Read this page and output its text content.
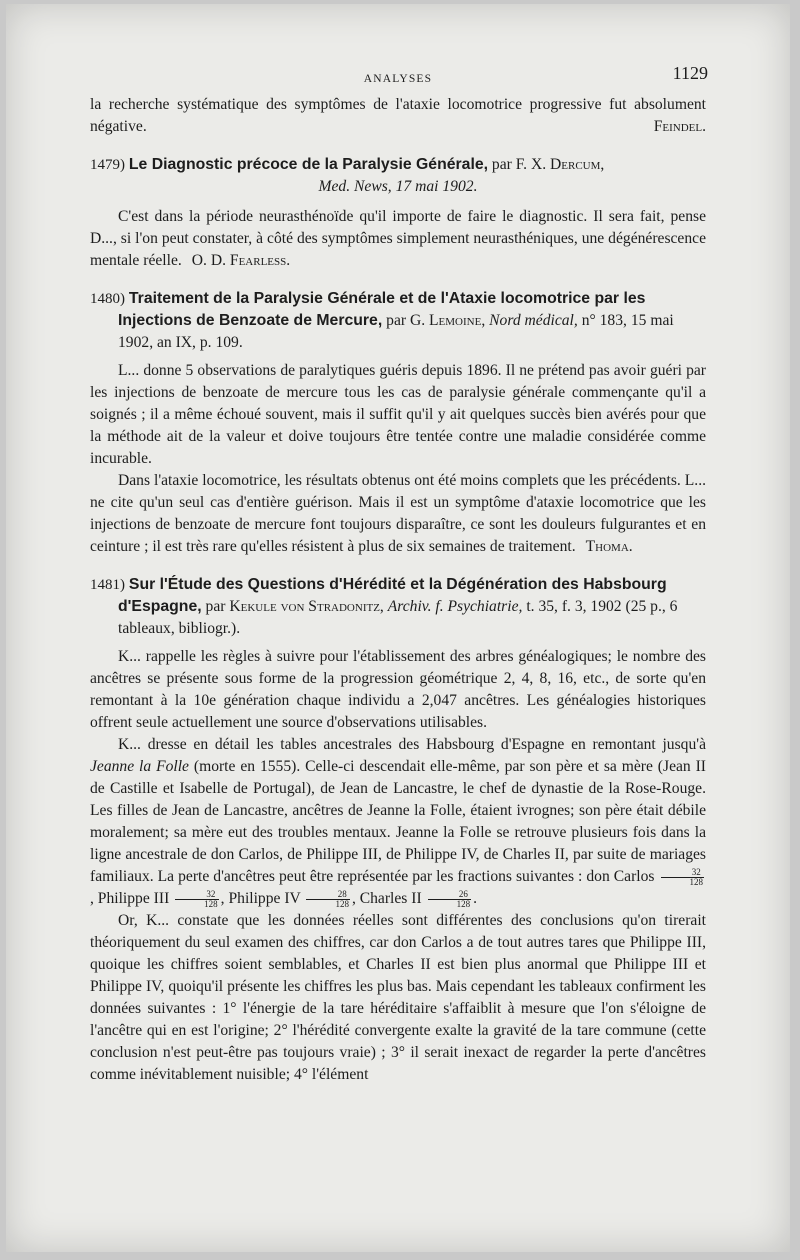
ANALYSES	1129

la recherche systématique des symptômes de l'ataxie locomotrice progressive fut absolument négative.	Feindel.

1479) Le Diagnostic précoce de la Paralysie Générale, par F. X. Dercum,

Med. News, 17 mai 1902.

C'est dans la période neurasthénoïde qu'il importe de faire le diagnostic. Il sera fait, pense D..., si l'on peut constater, à côté des symptômes simplement neurasthéniques, une dégénérescence mentale réelle. O. D. Fearless.

1480) Traitement de la Paralysie Générale et de l'Ataxie locomotrice par les Injections de Benzoate de Mercure, par G. Lemoine, Nord médical, n° 183, 15 mai 1902, an IX, p. 109.

L... donne 5 observations de paralytiques guéris depuis 1896. Il ne prétend pas avoir guéri par les injections de benzoate de mercure tous les cas de paralysie générale commençante qu'il a soignés ; il a même échoué souvent, mais il suffit qu'il y ait quelques succès bien avérés pour que la méthode ait de la valeur et doive toujours être tentée contre une maladie considérée comme incurable.

Dans l'ataxie locomotrice, les résultats obtenus ont été moins complets que les précédents. L... ne cite qu'un seul cas d'entière guérison. Mais il est un symptôme d'ataxie locomotrice que les injections de benzoate de mercure font toujours disparaître, ce sont les douleurs fulgurantes et en ceinture ; il est très rare qu'elles résistent à plus de six semaines de traitement. Thoma.

1481) Sur l'Étude des Questions d'Hérédité et la Dégénération des Habsbourg d'Espagne, par Kekule von Stradonitz, Archiv. f. Psychiatrie, t. 35, f. 3, 1902 (25 p., 6 tableaux, bibliogr.).

K... rappelle les règles à suivre pour l'établissement des arbres généalogiques; le nombre des ancêtres se présente sous forme de la progression géométrique 2, 4, 8, 16, etc., de sorte qu'en remontant à la 10e génération chaque individu a 2,047 ancêtres. Les généalogies historiques offrent seule actuellement une source d'observations utilisables.

K... dresse en détail les tables ancestrales des Habsbourg d'Espagne en remontant jusqu'à Jeanne la Folle (morte en 1555). Celle-ci descendait elle-même, par son père et sa mère (Jean II de Castille et Isabelle de Portugal), de Jean de Lancastre, le chef de dynastie de la Rose-Rouge. Les filles de Jean de Lancastre, ancêtres de Jeanne la Folle, étaient ivrognes; son père était débile moralement; sa mère eut des troubles mentaux. Jeanne la Folle se retrouve plusieurs fois dans la ligne ancestrale de don Carlos, de Philippe III, de Philippe IV, de Charles II, par suite de mariages familiaux. La perte d'ancêtres peut être représentée par les fractions suivantes : don Carlos $\frac{32}{128}$
, Philippe III $\frac{32}{128}$ , Philippe IV $\frac{28}{128}$ , Charles II $\frac{26}{128}$ .

Or, K... constate que les données réelles sont différentes des conclusions qu'on tirerait théoriquement du seul examen des chiffres, car don Carlos a de tout autres tares que Philippe III, quoique les chiffres soient semblables, et Charles II est bien plus anormal que Philippe III et Philippe IV, quoiqu'il présente les chiffres les plus bas. Mais cependant les tableaux confirment les données suivantes : 1° l'énergie de la tare héréditaire s'affaiblit à mesure que l'on s'éloigne de l'ancêtre qui en est l'origine; 2° l'hérédité convergente exalte la gravité de la tare commune (cette conclusion n'est peut-être pas toujours vraie) ; 3° il serait inexact de regarder la perte d'ancêtres comme inévitablement nuisible; 4° l'élément
